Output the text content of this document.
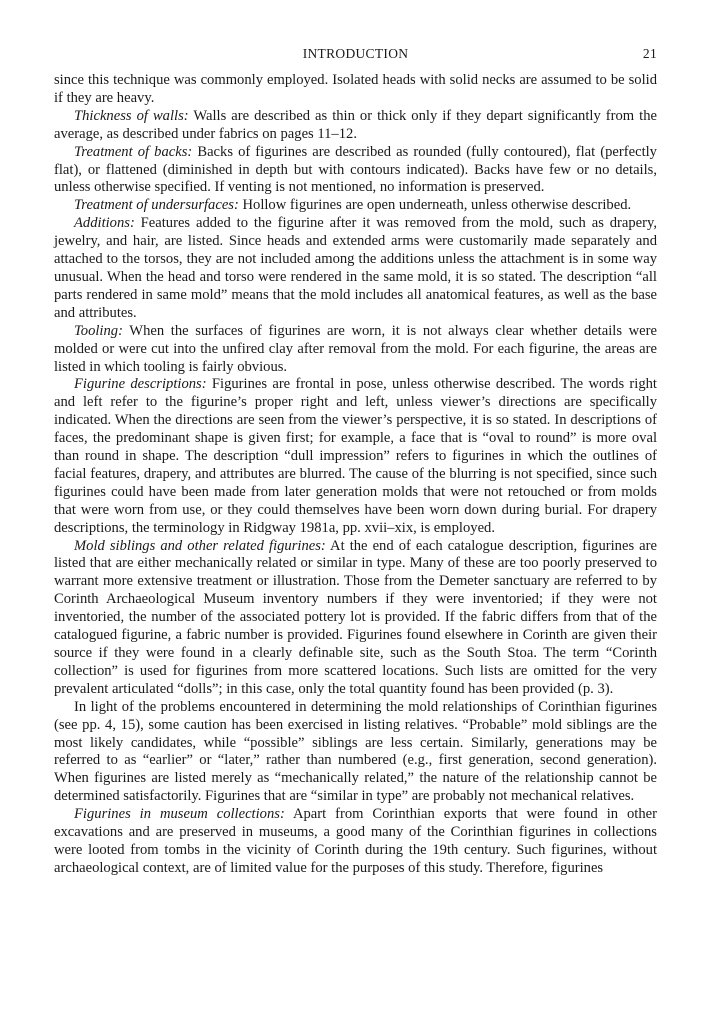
INTRODUCTION	21

since this technique was commonly employed. Isolated heads with solid necks are assumed to be solid if they are heavy.

Thickness of walls: Walls are described as thin or thick only if they depart significantly from the average, as described under fabrics on pages 11–12.

Treatment of backs: Backs of figurines are described as rounded (fully contoured), flat (perfectly flat), or flattened (diminished in depth but with contours indicated). Backs have few or no details, unless otherwise specified. If venting is not mentioned, no information is preserved.

Treatment of undersurfaces: Hollow figurines are open underneath, unless otherwise described.

Additions: Features added to the figurine after it was removed from the mold, such as drapery, jewelry, and hair, are listed. Since heads and extended arms were customarily made separately and attached to the torsos, they are not included among the additions unless the attachment is in some way unusual. When the head and torso were rendered in the same mold, it is so stated. The description “all parts rendered in same mold” means that the mold includes all anatomical features, as well as the base and attributes.

Tooling: When the surfaces of figurines are worn, it is not always clear whether details were molded or were cut into the unfired clay after removal from the mold. For each figurine, the areas are listed in which tooling is fairly obvious.

Figurine descriptions: Figurines are frontal in pose, unless otherwise described. The words right and left refer to the figurine’s proper right and left, unless viewer’s directions are specifically indicated. When the directions are seen from the viewer’s perspective, it is so stated. In descriptions of faces, the predominant shape is given first; for example, a face that is “oval to round” is more oval than round in shape. The description “dull impression” refers to figurines in which the outlines of facial features, drapery, and attributes are blurred. The cause of the blurring is not specified, since such figurines could have been made from later generation molds that were not retouched or from molds that were worn from use, or they could themselves have been worn down during burial. For drapery descriptions, the terminology in Ridgway 1981a, pp. xvii–xix, is employed.

Mold siblings and other related figurines: At the end of each catalogue description, figurines are listed that are either mechanically related or similar in type. Many of these are too poorly preserved to warrant more extensive treatment or illustration. Those from the Demeter sanctuary are referred to by Corinth Archaeological Museum inventory numbers if they were inventoried; if they were not inventoried, the number of the associated pottery lot is provided. If the fabric differs from that of the catalogued figurine, a fabric number is provided. Figurines found elsewhere in Corinth are given their source if they were found in a clearly definable site, such as the South Stoa. The term “Corinth collection” is used for figurines from more scattered locations. Such lists are omitted for the very prevalent articulated “dolls”; in this case, only the total quantity found has been provided (p. 3).

In light of the problems encountered in determining the mold relationships of Corinthian figurines (see pp. 4, 15), some caution has been exercised in listing relatives. “Probable” mold siblings are the most likely candidates, while “possible” siblings are less certain. Similarly, generations may be referred to as “earlier” or “later,” rather than numbered (e.g., first generation, second generation). When figurines are listed merely as “mechanically related,” the nature of the relationship cannot be determined satisfactorily. Figurines that are “similar in type” are probably not mechanical relatives.

Figurines in museum collections: Apart from Corinthian exports that were found in other excavations and are preserved in museums, a good many of the Corinthian figurines in collections were looted from tombs in the vicinity of Corinth during the 19th century. Such figurines, without archaeological context, are of limited value for the purposes of this study. Therefore, figurines
